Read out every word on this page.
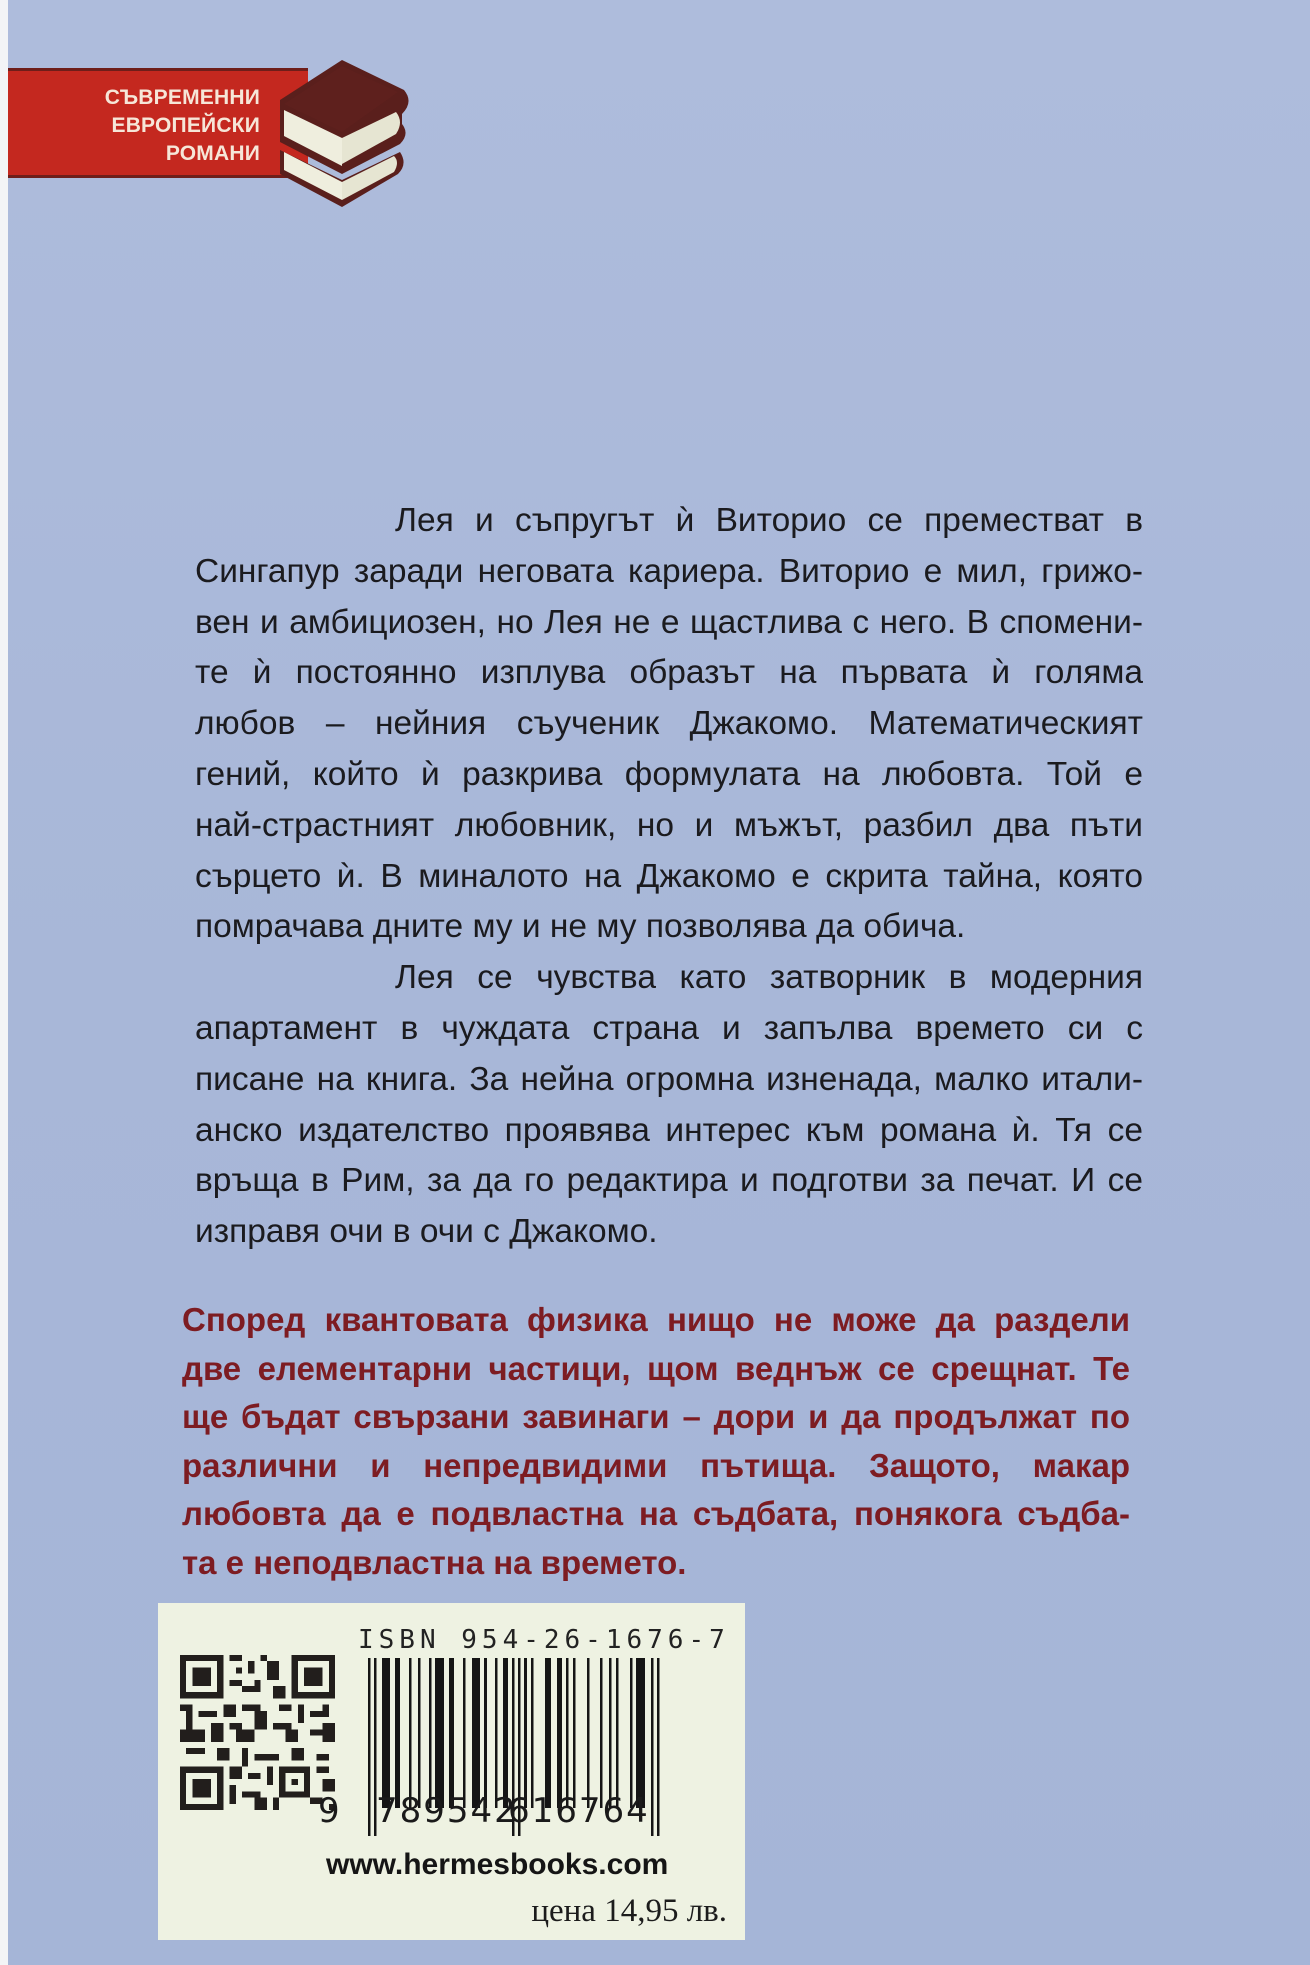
СЪВРЕМЕННИ
ЕВРОПЕЙСКИ
РОМАНИ

Лея и съпругът ѝ Виторио се преместват в
Сингапур заради неговата кариера. Виторио е мил, грижо-
вен и амбициозен, но Лея не е щастлива с него. В спомени-
те ѝ постоянно изплува образът на първата ѝ голяма
любов – нейния съученик Джакомо. Математическият
гений, който ѝ разкрива формулата на любовта. Той е
най-страстният любовник, но и мъжът, разбил два пъти
сърцето ѝ. В миналото на Джакомо е скрита тайна, която
помрачава дните му и не му позволява да обича.

Лея се чувства като затворник в модерния
апартамент в чуждата страна и запълва времето си с
писане на книга. За нейна огромна изненада, малко итали-
анско издателство проявява интерес към романа ѝ. Тя се
връща в Рим, за да го редактира и подготви за печат. И се
изправя очи в очи с Джакомо.

Според квантовата физика нищо не може да раздели
две елементарни частици, щом веднъж се срещнат. Те
ще бъдат свързани завинаги – дори и да продължат по
различни и непредвидими пътища. Защото, макар
любовта да е подвластна на съдбата, понякога съдба-
та е неподвластна на времето.
ISBN 954-26-1676-7
9 789542
616764
www.hermesbooks.com
цена 14,95 лв.
